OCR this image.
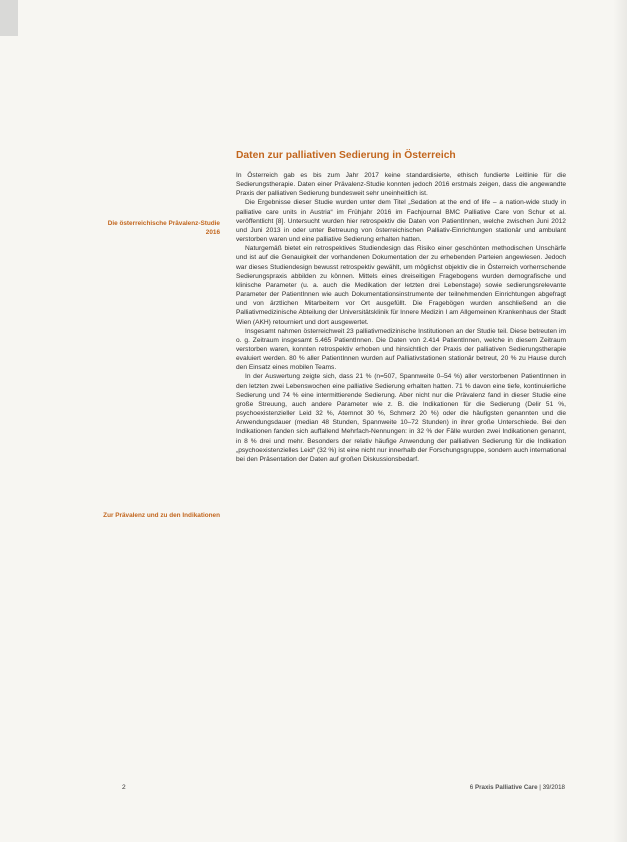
Daten zur palliativen Sedierung in Österreich
Die österreichische Prävalenz-Studie 2016
Zur Prävalenz und zu den Indikationen

In Österreich gab es bis zum Jahr 2017 keine standardisierte, ethisch fundierte Leitlinie für die Sedierungstherapie. Daten einer Prävalenz-Studie konnten jedoch 2016 erstmals zeigen, dass die angewandte Praxis der palliativen Sedierung bundesweit sehr uneinheitlich ist.

Die Ergebnisse dieser Studie wurden unter dem Titel „Sedation at the end of life – a nation-wide study in palliative care units in Austria“ im Frühjahr 2016 im Fachjournal BMC Palliative Care von Schur et al. veröffentlicht [8]. Untersucht wurden hier retrospektiv die Daten von PatientInnen, welche zwischen Juni 2012 und Juni 2013 in oder unter Betreuung von österreichischen Palliativ-Einrichtungen stationär und ambulant verstorben waren und eine palliative Sedierung erhalten hatten.

Naturgemäß bietet ein retrospektives Studiendesign das Risiko einer geschönten methodischen Unschärfe und ist auf die Genauigkeit der vorhandenen Dokumentation der zu erhebenden Parteien angewiesen. Jedoch war dieses Studiendesign bewusst retrospektiv gewählt, um möglichst objektiv die in Österreich vorherrschende Sedierungspraxis abbilden zu können. Mittels eines dreiseitigen Fragebogens wurden demografische und klinische Parameter (u. a. auch die Medikation der letzten drei Lebenstage) sowie sedierungsrelevante Parameter der PatientInnen wie auch Dokumentationsinstrumente der teilnehmenden Einrichtungen abgefragt und von ärztlichen Mitarbeitern vor Ort ausgefüllt. Die Fragebögen wurden anschließend an die Palliativmedizinische Abteilung der Universitätsklinik für Innere Medizin I am Allgemeinen Krankenhaus der Stadt Wien (AKH) retourniert und dort ausgewertet.

Insgesamt nahmen österreichweit 23 palliativmedizinische Institutionen an der Studie teil. Diese betreuten im o. g. Zeitraum insgesamt 5.465 PatientInnen. Die Daten von 2.414 PatientInnen, welche in diesem Zeitraum verstorben waren, konnten retrospektiv erhoben und hinsichtlich der Praxis der palliativen Sedierungstherapie evaluiert werden. 80 % aller PatientInnen wurden auf Palliativstationen stationär betreut, 20 % zu Hause durch den Einsatz eines mobilen Teams.

In der Auswertung zeigte sich, dass 21 % (n=507, Spannweite 0–54 %) aller verstorbenen PatientInnen in den letzten zwei Lebenswochen eine palliative Sedierung erhalten hatten. 71 % davon eine tiefe, kontinuierliche Sedierung und 74 % eine intermittierende Sedierung. Aber nicht nur die Prävalenz fand in dieser Studie eine große Streuung, auch andere Parameter wie z. B. die Indikationen für die Sedierung (Delir 51 %, psychoexistenzieller Leid 32 %, Atemnot 30 %, Schmerz 20 %) oder die häufigsten genannten und die Anwendungsdauer (median 48 Stunden, Spannweite 10–72 Stunden) in ihrer große Unterschiede. Bei den Indikationen fanden sich auffallend Mehrfach-Nennungen: in 32 % der Fälle wurden zwei Indikationen genannt, in 8 % drei und mehr. Besonders der relativ häufige Anwendung der palliativen Sedierung für die Indikation „psychoexistenzielles Leid“ (32 %) ist eine nicht nur innerhalb der Forschungsgruppe, sondern auch international bei den Präsentation der Daten auf großen Diskussionsbedarf.

2	6 Praxis Palliative Care | 39/2018
